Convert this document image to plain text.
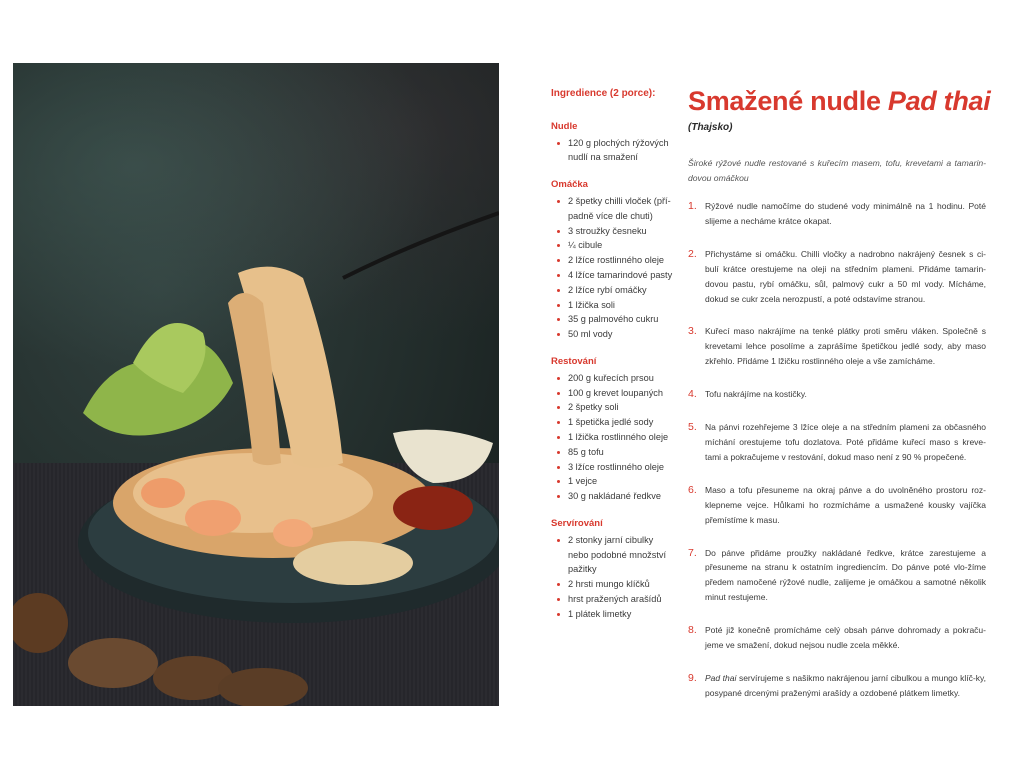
Ingredience (2 porce):

Nudle

120 g plochých rýžových
nudlí na smažení

Omáčka

2 špetky chilli vloček (pří-
padně více dle chuti)
3 stroužky česneku
¼ cibule
2 lžíce rostlinného oleje
4 lžíce tamarindové pasty
2 lžíce rybí omáčky
1 lžička soli
35 g palmového cukru
50 ml vody

Restování

200 g kuřecích prsou
100 g krevet loupaných
2 špetky soli
1 špetička jedlé sody
1 lžička rostlinného oleje
85 g tofu
3 lžíce rostlinného oleje
1 vejce
30 g nakládané ředkve

Servírování

2 stonky jarní cibulky
nebo podobné množství
pažitky
2 hrsti mungo klíčků
hrst pražených arašídů
1 plátek limetky
Smažené nudle Pad thai

(Thajsko)

Široké rýžové nudle restované s kuřecím masem, tofu, krevetami a tamarin-dovou omáčkou

1. Rýžové nudle namočíme do studené vody minimálně na 1 hodinu. Poté slijeme a necháme krátce okapat.
2. Přichystáme si omáčku. Chilli vločky a nadrobno nakrájený česnek s ci-bulí krátce orestujeme na oleji na středním plameni. Přidáme tamarin-dovou pastu, rybí omáčku, sůl, palmový cukr a 50 ml vody. Mícháme, dokud se cukr zcela nerozpustí, a poté odstavíme stranou.
3. Kuřecí maso nakrájíme na tenké plátky proti směru vláken. Společně s krevetami lehce posolíme a zaprášíme špetičkou jedlé sody, aby maso zkřehlo. Přidáme 1 lžičku rostlinného oleje a vše zamícháme.
4. Tofu nakrájíme na kostičky.
5. Na pánvi rozehřejeme 3 lžíce oleje a na středním plameni za občasného míchání orestujeme tofu dozlatova. Poté přidáme kuřecí maso s kreve-tami a pokračujeme v restování, dokud maso není z 90 % propečené.
6. Maso a tofu přesuneme na okraj pánve a do uvolněného prostoru roz-klepneme vejce. Hůlkami ho rozmícháme a usmažené kousky vajíčka přemístíme k masu.
7. Do pánve přidáme proužky nakládané ředkve, krátce zarestujeme a přesuneme na stranu k ostatním ingrediencím. Do pánve poté vlo-žíme předem namočené rýžové nudle, zalijeme je omáčkou a samotné několik minut restujeme.
8. Poté již konečně promícháme celý obsah pánve dohromady a pokraču-jeme ve smažení, dokud nejsou nudle zcela měkké.
9. Pad thai servírujeme s našikmo nakrájenou jarní cibulkou a mungo klíč-ky, posypané drcenými praženými arašídy a ozdobené plátkem limetky.
